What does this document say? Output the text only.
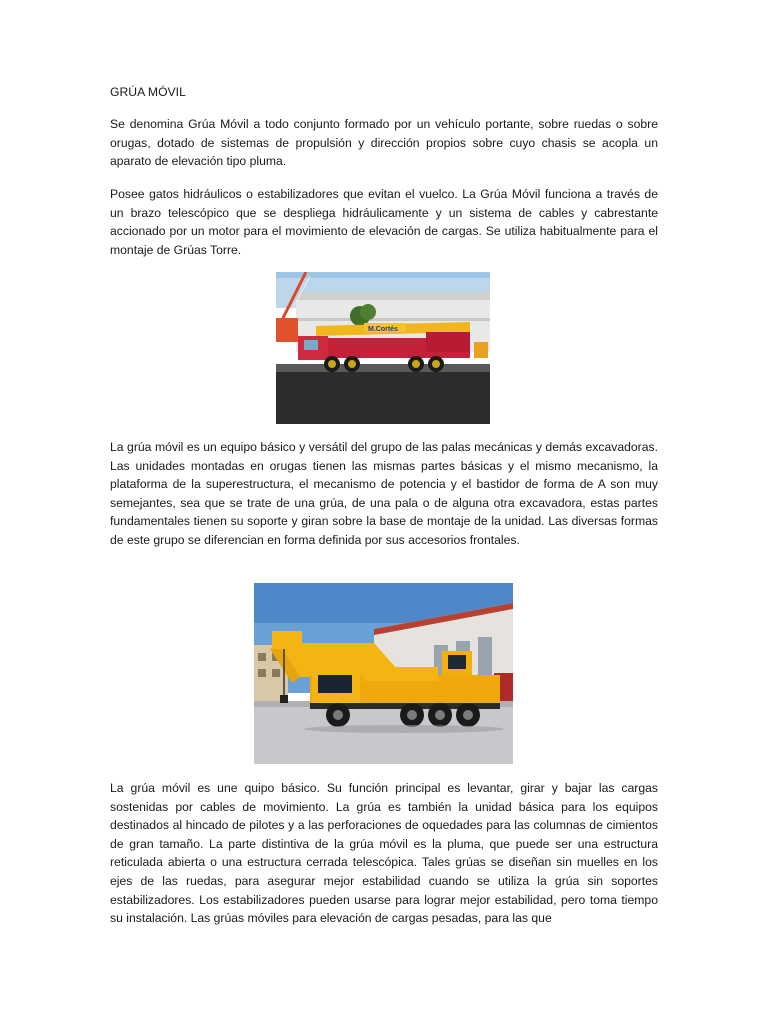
GRÚA MÓVIL

Se denomina Grúa Móvil a todo conjunto formado por un vehículo portante, sobre ruedas o sobre orugas, dotado de sistemas de propulsión y dirección propios sobre cuyo chasis se acopla un aparato de elevación tipo pluma.

Posee gatos hidráulicos o estabilizadores que evitan el vuelco. La Grúa Móvil funciona a través de un brazo telescópico que se despliega hidráulicamente y un sistema de cables y cabrestante accionado por un motor para el movimiento de elevación de cargas. Se utiliza habitualmente para el montaje de Grúas Torre.

M.Cortés

La grúa móvil es un equipo básico y versátil del grupo de las palas mecánicas y demás excavadoras. Las unidades montadas en orugas tienen las mismas partes básicas y el mismo mecanismo, la plataforma de la superestructura, el mecanismo de potencia y el bastidor de forma de A son muy semejantes, sea que se trate de una grúa, de una pala o de alguna otra excavadora, estas partes fundamentales tienen su soporte y giran sobre la base de montaje de la unidad. Las diversas formas de este grupo se diferencian en forma definida por sus accesorios frontales.

La grúa móvil es une quipo básico. Su función principal es levantar, girar y bajar las cargas sostenidas por cables de movimiento. La grúa es también la unidad básica para los equipos destinados al hincado de pilotes y a las perforaciones de oquedades para las columnas de cimientos de gran tamaño. La parte distintiva de la grúa móvil es la pluma, que puede ser una estructura reticulada abierta o una estructura cerrada telescópica. Tales grúas se diseñan sin muelles en los ejes de las ruedas, para asegurar mejor estabilidad cuando se utiliza la grúa sin soportes estabilizadores. Los estabilizadores pueden usarse para lograr mejor estabilidad, pero toma tiempo su instalación. Las grúas móviles para elevación de cargas pesadas, para las que
